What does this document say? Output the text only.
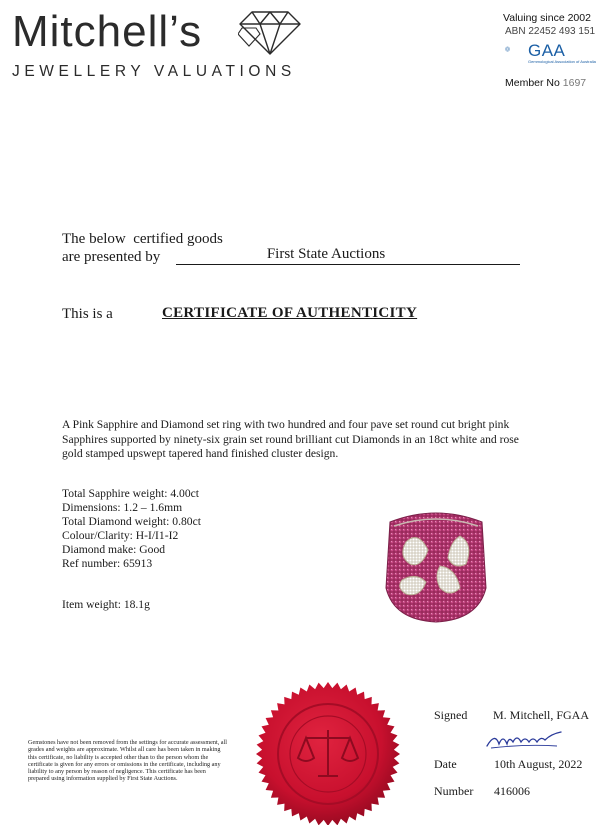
Mitchell’s
JEWELLERY VALUATIONS
Valuing since 2002
ABN 22452 493 151
GAA
Gemmological Association of Australia
Member No 1697
The below  certified goods
are presented by	First State Auctions
This is a	CERTIFICATE OF AUTHENTICITY
A Pink Sapphire and Diamond set ring with two hundred and four pave set round cut bright pink Sapphires supported by ninety-six grain set round brilliant cut Diamonds in an 18ct white and rose gold stamped upswept tapered hand finished cluster design.
Total Sapphire weight: 4.00ct
Dimensions: 1.2 – 1.6mm
Total Diamond weight: 0.80ct
Colour/Clarity: H-I/I1-I2
Diamond make: Good
Ref number: 65913
Item weight: 18.1g
Gemstones have not been removed from the settings for accurate assessment, all grades and weights are approximate. Whilst all care has been taken in making this certificate, no liability is accepted other than to the person whom the certificate is given for any errors or omissions in the certificate, including any liability to any person by reason of negligence. This certificate has been prepared using information supplied by First State Auctions.
Signed M. Mitchell, FGAA
Date	10th August, 2022
Number 416006
